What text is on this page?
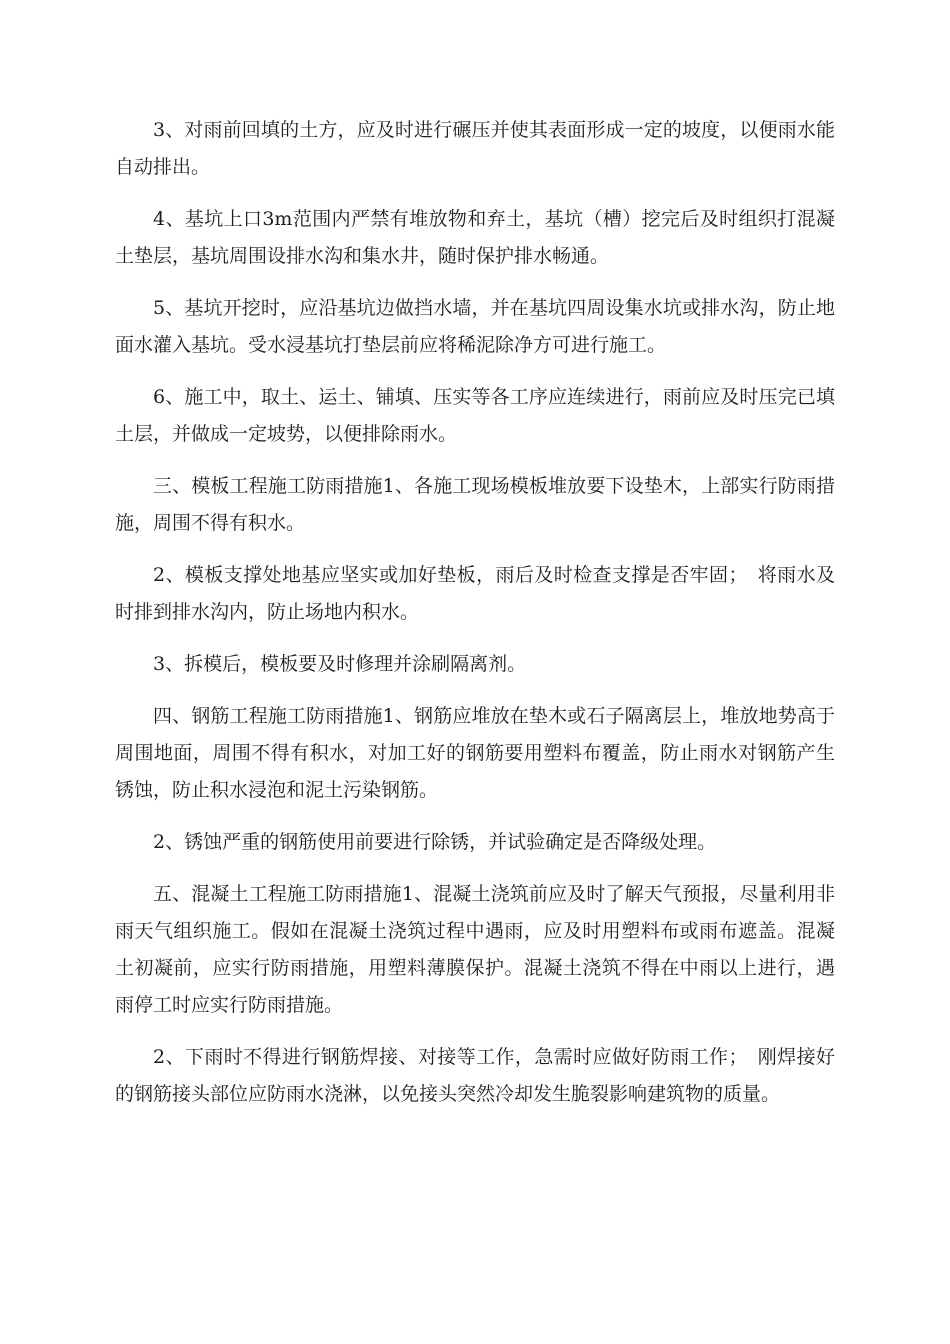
3、对雨前回填的土方，应及时进行碾压并使其表面形成一定的坡度，以便雨水能自动排出。

4、基坑上口3m范围内严禁有堆放物和弃土，基坑（槽）挖完后及时组织打混凝土垫层，基坑周围设排水沟和集水井，随时保护排水畅通。

5、基坑开挖时，应沿基坑边做挡水墙，并在基坑四周设集水坑或排水沟，防止地面水灌入基坑。受水浸基坑打垫层前应将稀泥除净方可进行施工。

6、施工中，取土、运土、铺填、压实等各工序应连续进行，雨前应及时压完已填土层，并做成一定坡势，以便排除雨水。

三、模板工程施工防雨措施1、各施工现场模板堆放要下设垫木，上部实行防雨措施，周围不得有积水。

2、模板支撑处地基应坚实或加好垫板，雨后及时检查支撑是否牢固；　将雨水及时排到排水沟内，防止场地内积水。

3、拆模后，模板要及时修理并涂刷隔离剂。

四、钢筋工程施工防雨措施1、钢筋应堆放在垫木或石子隔离层上，堆放地势高于周围地面，周围不得有积水，对加工好的钢筋要用塑料布覆盖，防止雨水对钢筋产生锈蚀，防止积水浸泡和泥土污染钢筋。

2、锈蚀严重的钢筋使用前要进行除锈，并试验确定是否降级处理。

五、混凝土工程施工防雨措施1、混凝土浇筑前应及时了解天气预报，尽量利用非雨天气组织施工。假如在混凝土浇筑过程中遇雨，应及时用塑料布或雨布遮盖。混凝土初凝前，应实行防雨措施，用塑料薄膜保护。混凝土浇筑不得在中雨以上进行，遇雨停工时应实行防雨措施。

2、下雨时不得进行钢筋焊接、对接等工作，急需时应做好防雨工作；　刚焊接好的钢筋接头部位应防雨水浇淋，以免接头突然冷却发生脆裂影响建筑物的质量。
